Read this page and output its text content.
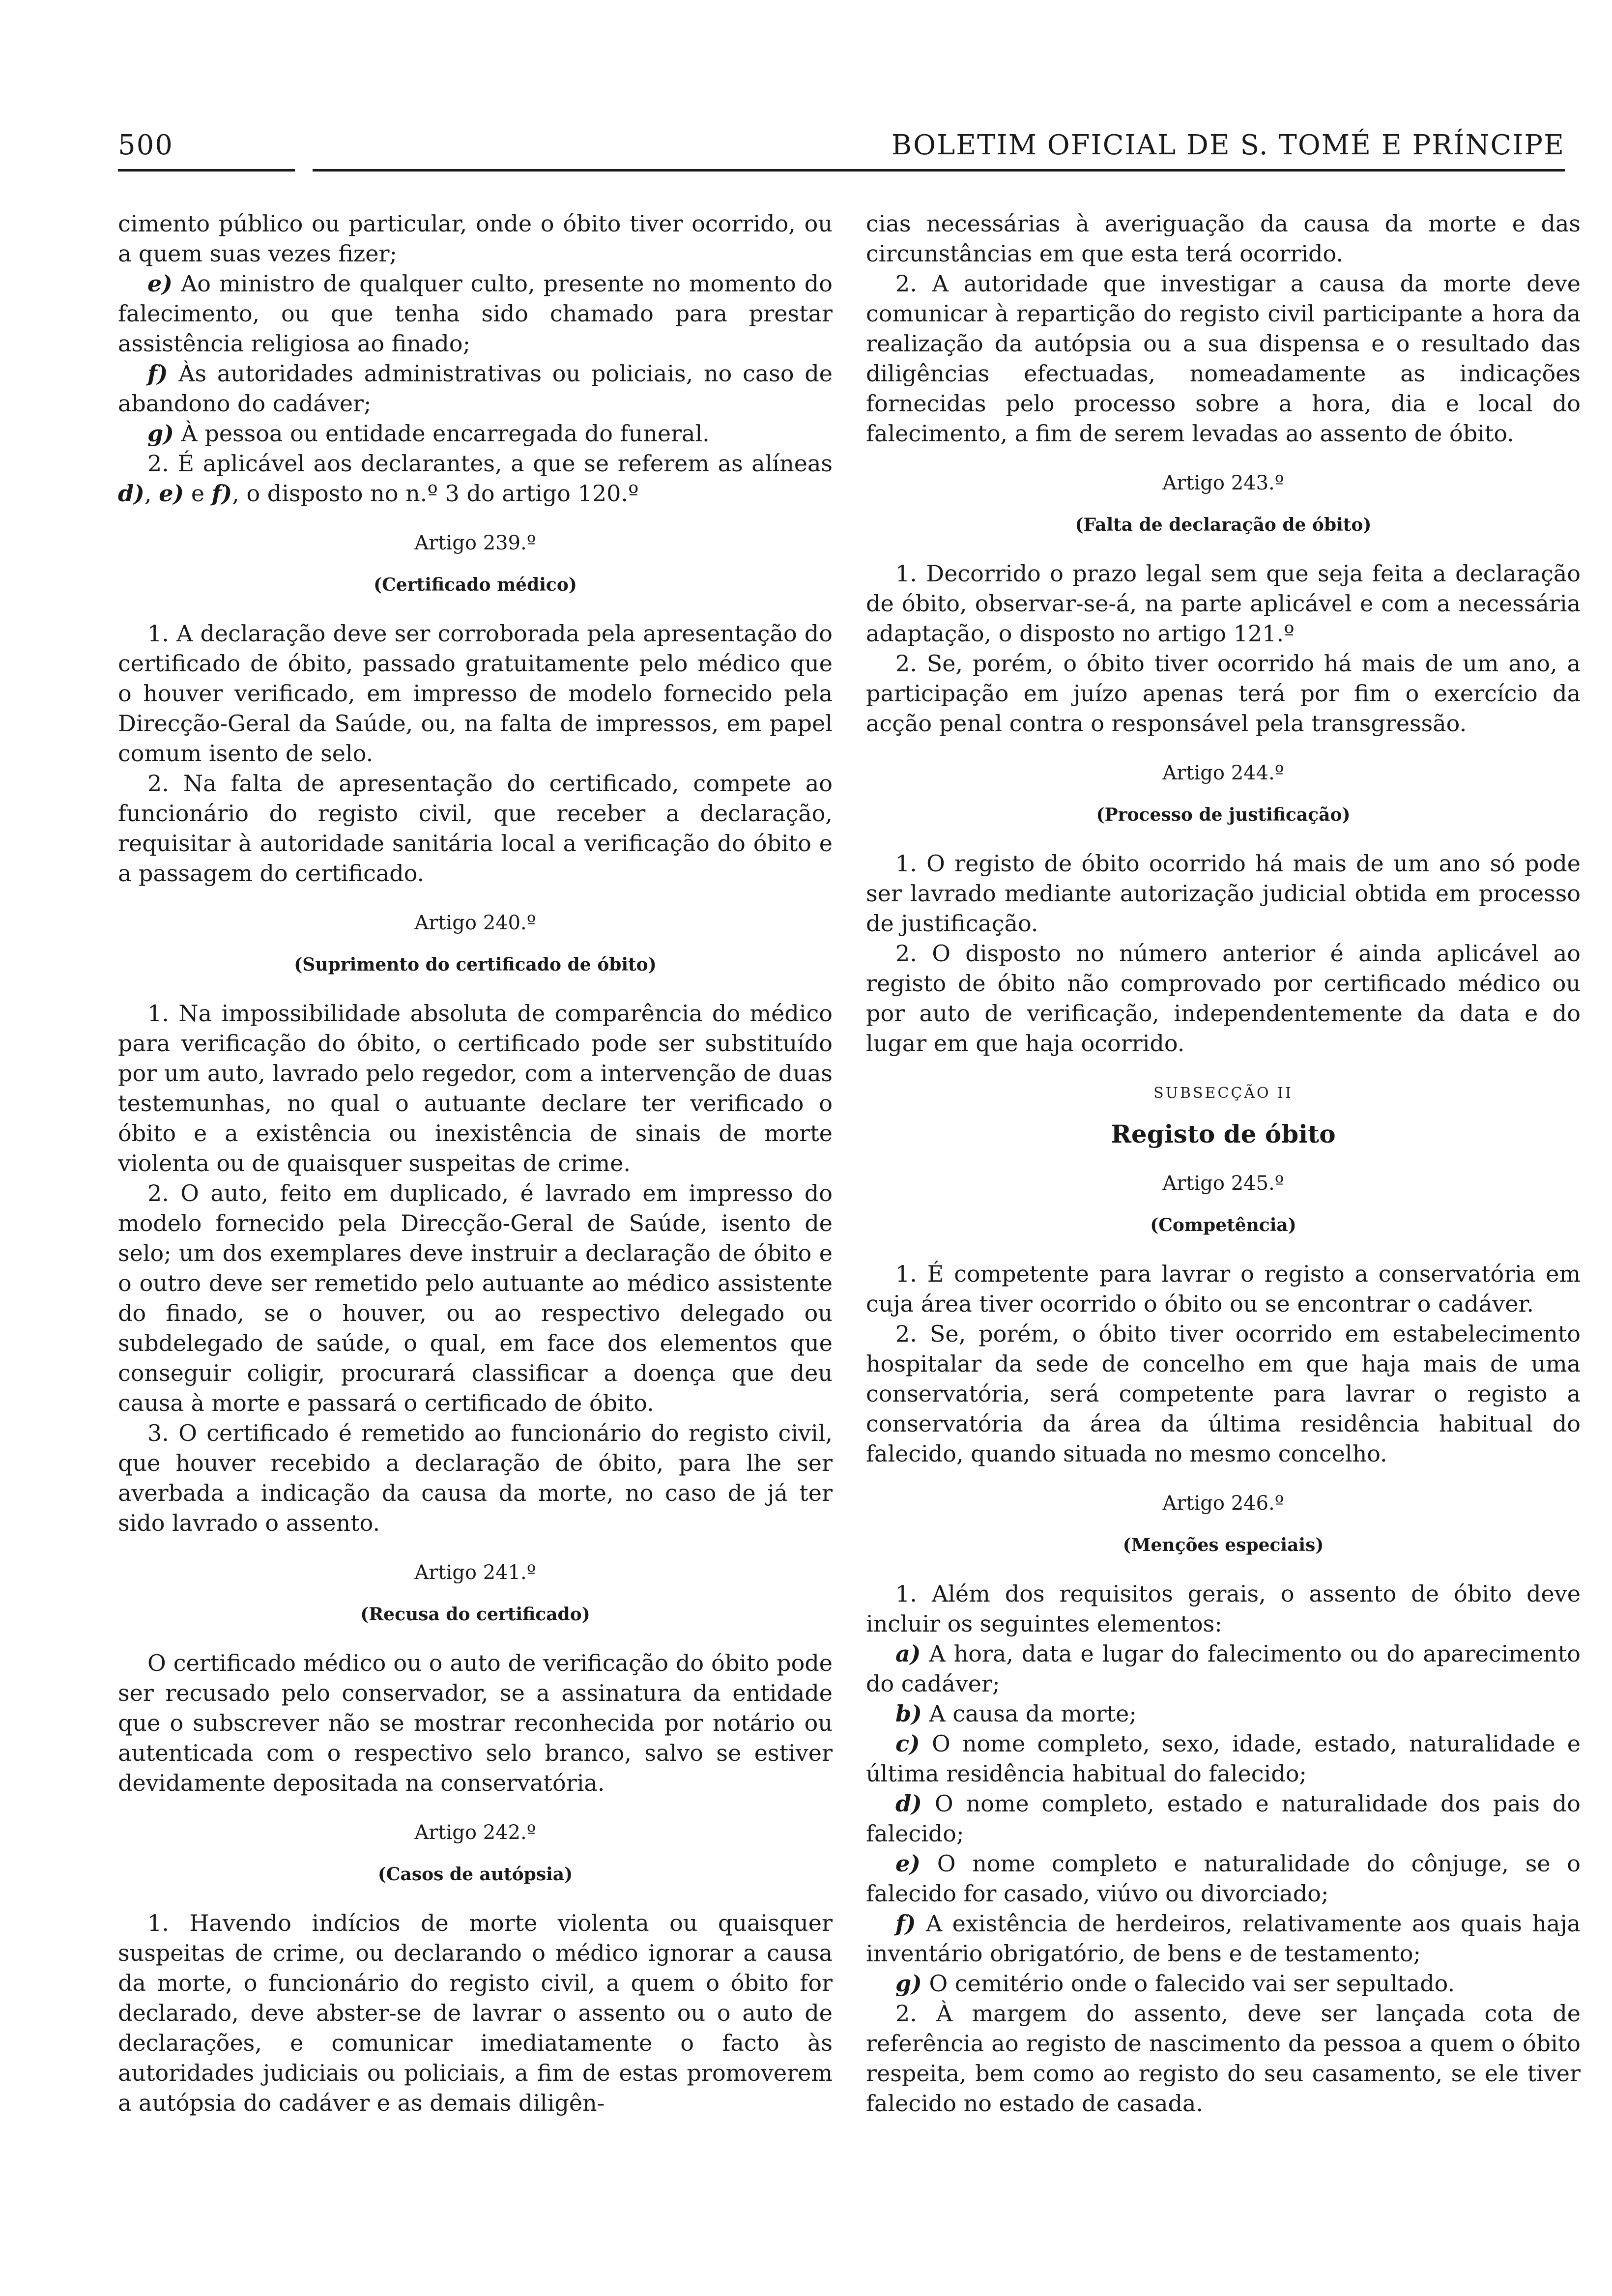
500	BOLETIM OFICIAL DE S. TOMÉ E PRÍNCIPE

cimento público ou particular, onde o óbito tiver ocorrido, ou a quem suas vezes fizer;

e) Ao ministro de qualquer culto, presente no momento do falecimento, ou que tenha sido chamado para prestar assistência religiosa ao finado;

f) Às autoridades administrativas ou policiais, no caso de abandono do cadáver;

g) À pessoa ou entidade encarregada do funeral.

2. É aplicável aos declarantes, a que se referem as alíneas d), e) e f), o disposto no n.º 3 do artigo 120.º

Artigo 239.º

(Certificado médico)

1. A declaração deve ser corroborada pela apresentação do certificado de óbito, passado gratuitamente pelo médico que o houver verificado, em impresso de modelo fornecido pela Direcção-Geral da Saúde, ou, na falta de impressos, em papel comum isento de selo.

2. Na falta de apresentação do certificado, compete ao funcionário do registo civil, que receber a declaração, requisitar à autoridade sanitária local a verificação do óbito e a passagem do certificado.

Artigo 240.º

(Suprimento do certificado de óbito)

1. Na impossibilidade absoluta de comparência do médico para verificação do óbito, o certificado pode ser substituído por um auto, lavrado pelo regedor, com a intervenção de duas testemunhas, no qual o autuante declare ter verificado o óbito e a existência ou inexistência de sinais de morte violenta ou de quaisquer suspeitas de crime.

2. O auto, feito em duplicado, é lavrado em impresso do modelo fornecido pela Direcção-Geral de Saúde, isento de selo; um dos exemplares deve instruir a declaração de óbito e o outro deve ser remetido pelo autuante ao médico assistente do finado, se o houver, ou ao respectivo delegado ou subdelegado de saúde, o qual, em face dos elementos que conseguir coligir, procurará classificar a doença que deu causa à morte e passará o certificado de óbito.

3. O certificado é remetido ao funcionário do registo civil, que houver recebido a declaração de óbito, para lhe ser averbada a indicação da causa da morte, no caso de já ter sido lavrado o assento.

Artigo 241.º

(Recusa do certificado)

O certificado médico ou o auto de verificação do óbito pode ser recusado pelo conservador, se a assinatura da entidade que o subscrever não se mostrar reconhecida por notário ou autenticada com o respectivo selo branco, salvo se estiver devidamente depositada na conservatória.

Artigo 242.º

(Casos de autópsia)

1. Havendo indícios de morte violenta ou quaisquer suspeitas de crime, ou declarando o médico ignorar a causa da morte, o funcionário do registo civil, a quem o óbito for declarado, deve abster-se de lavrar o assento ou o auto de declarações, e comunicar imediatamente o facto às autoridades judiciais ou policiais, a fim de estas promoverem a autópsia do cadáver e as demais diligên-

cias necessárias à averiguação da causa da morte e das circunstâncias em que esta terá ocorrido.

2. A autoridade que investigar a causa da morte deve comunicar à repartição do registo civil participante a hora da realização da autópsia ou a sua dispensa e o resultado das diligências efectuadas, nomeadamente as indicações fornecidas pelo processo sobre a hora, dia e local do falecimento, a fim de serem levadas ao assento de óbito.

Artigo 243.º

(Falta de declaração de óbito)

1. Decorrido o prazo legal sem que seja feita a declaração de óbito, observar-se-á, na parte aplicável e com a necessária adaptação, o disposto no artigo 121.º

2. Se, porém, o óbito tiver ocorrido há mais de um ano, a participação em juízo apenas terá por fim o exercício da acção penal contra o responsável pela transgressão.

Artigo 244.º

(Processo de justificação)

1. O registo de óbito ocorrido há mais de um ano só pode ser lavrado mediante autorização judicial obtida em processo de justificação.

2. O disposto no número anterior é ainda aplicável ao registo de óbito não comprovado por certificado médico ou por auto de verificação, independentemente da data e do lugar em que haja ocorrido.

SUBSECÇÃO II

Registo de óbito

Artigo 245.º

(Competência)

1. É competente para lavrar o registo a conservatória em cuja área tiver ocorrido o óbito ou se encontrar o cadáver.

2. Se, porém, o óbito tiver ocorrido em estabelecimento hospitalar da sede de concelho em que haja mais de uma conservatória, será competente para lavrar o registo a conservatória da área da última residência habitual do falecido, quando situada no mesmo concelho.

Artigo 246.º

(Menções especiais)

1. Além dos requisitos gerais, o assento de óbito deve incluir os seguintes elementos:

a) A hora, data e lugar do falecimento ou do aparecimento do cadáver;

b) A causa da morte;

c) O nome completo, sexo, idade, estado, naturalidade e última residência habitual do falecido;

d) O nome completo, estado e naturalidade dos pais do falecido;

e) O nome completo e naturalidade do cônjuge, se o falecido for casado, viúvo ou divorciado;

f) A existência de herdeiros, relativamente aos quais haja inventário obrigatório, de bens e de testamento;

g) O cemitério onde o falecido vai ser sepultado.

2. À margem do assento, deve ser lançada cota de referência ao registo de nascimento da pessoa a quem o óbito respeita, bem como ao registo do seu casamento, se ele tiver falecido no estado de casada.
